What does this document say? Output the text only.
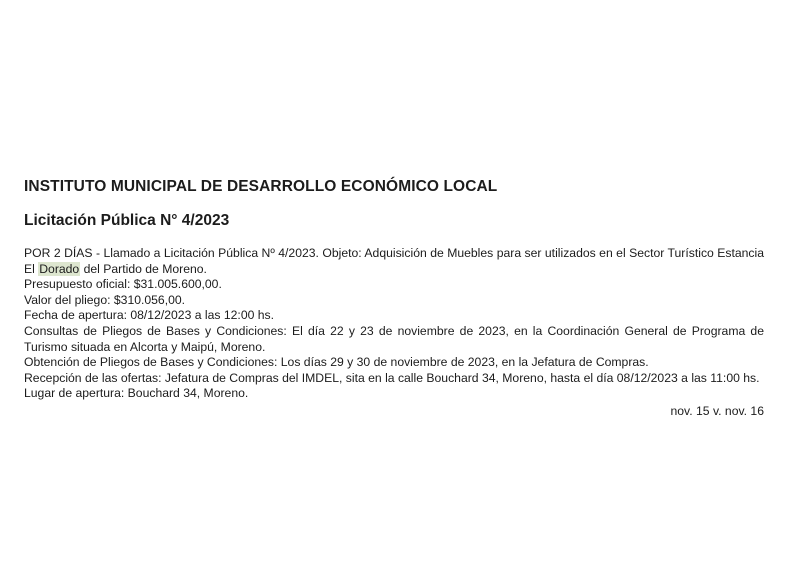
INSTITUTO MUNICIPAL DE DESARROLLO ECONÓMICO LOCAL
Licitación Pública N° 4/2023

POR 2 DÍAS - Llamado a Licitación Pública Nº 4/2023. Objeto: Adquisición de Muebles para ser utilizados en el Sector Turístico Estancia El Dorado del Partido de Moreno.

Presupuesto oficial: $31.005.600,00.

Valor del pliego: $310.056,00.

Fecha de apertura: 08/12/2023 a las 12:00 hs.

Consultas de Pliegos de Bases y Condiciones: El día 22 y 23 de noviembre de 2023, en la Coordinación General de Programa de Turismo situada en Alcorta y Maipú, Moreno.

Obtención de Pliegos de Bases y Condiciones: Los días 29 y 30 de noviembre de 2023, en la Jefatura de Compras.

Recepción de las ofertas: Jefatura de Compras del IMDEL, sita en la calle Bouchard 34, Moreno, hasta el día 08/12/2023 a las 11:00 hs.

Lugar de apertura: Bouchard 34, Moreno.

nov. 15 v. nov. 16
